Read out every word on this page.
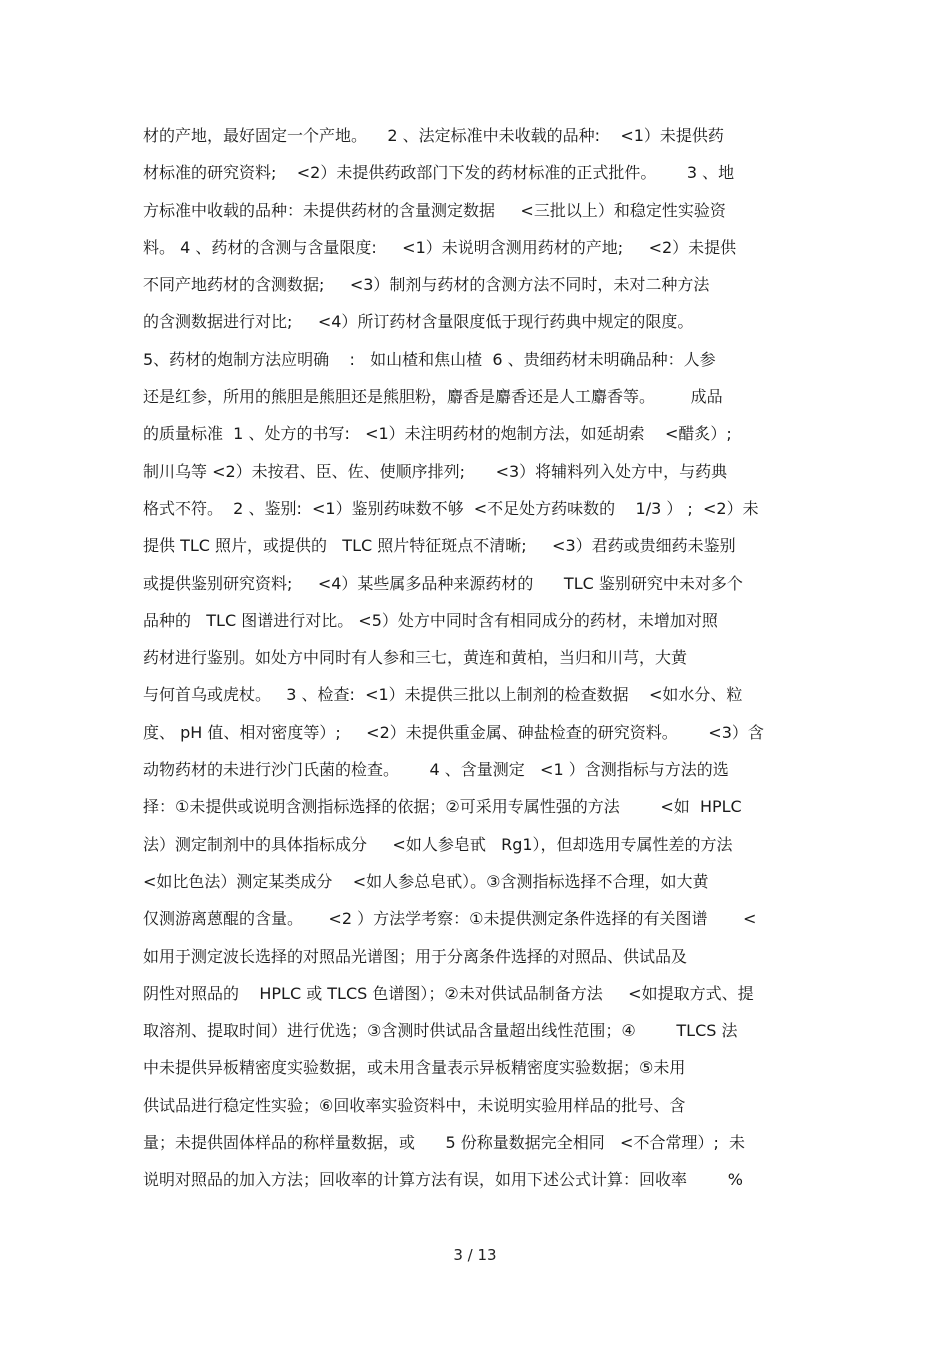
材的产地，最好固定一个产地。    2 、法定标准中未收载的品种:    <1）未提供药
材标准的研究资料;    <2）未提供药政部门下发的药材标准的正式批件。      3 、地
方标准中收载的品种：未提供药材的含量测定数据     <三批以上）和稳定性实验资
料。 4 、药材的含测与含量限度:     <1）未说明含测用药材的产地;     <2）未提供
不同产地药材的含测数据;     <3）制剂与药材的含测方法不同时，未对二种方法
的含测数据进行对比;     <4）所订药材含量限度低于现行药典中规定的限度。
5、药材的炮制方法应明确    :   如山楂和焦山楂  6 、贵细药材未明确品种：人参
还是红参，所用的熊胆是熊胆还是熊胆粉，麝香是麝香还是人工麝香等。       成品
的质量标准  1 、处方的书写:   <1）未注明药材的炮制方法，如延胡索    <醋炙）;
制川乌等 <2）未按君、臣、佐、使顺序排列;      <3）将辅料列入处方中，与药典
格式不符。  2 、鉴别:  <1）鉴别药味数不够  <不足处方药味数的    1/3 ） ;  <2）未
提供 TLC 照片，或提供的   TLC 照片特征斑点不清晰;     <3）君药或贵细药未鉴别
或提供鉴别研究资料;     <4）某些属多品种来源药材的      TLC 鉴别研究中未对多个
品种的   TLC 图谱进行对比。 <5）处方中同时含有相同成分的药材，未增加对照
药材进行鉴别。如处方中同时有人参和三七，黄连和黄柏，当归和川芎，大黄
与何首乌或虎杖。   3 、检查:  <1）未提供三批以上制剂的检查数据    <如水分、粒
度、 pH 值、相对密度等）;     <2）未提供重金属、砷盐检查的研究资料。      <3）含
动物药材的未进行沙门氏菌的检查。      4 、含量测定   <1 ）含测指标与方法的选
择：①未提供或说明含测指标选择的依据；②可采用专属性强的方法        <如  HPLC
法）测定制剂中的具体指标成分     <如人参皂甙   Rg1），但却选用专属性差的方法
<如比色法）测定某类成分    <如人参总皂甙）。③含测指标选择不合理，如大黄
仅测游离蒽醌的含量。     <2 ）方法学考察：①未提供测定条件选择的有关图谱       <
如用于测定波长选择的对照品光谱图；用于分离条件选择的对照品、供试品及
阴性对照品的    HPLC 或 TLCS 色谱图）；②未对供试品制备方法     <如提取方式、提
取溶剂、提取时间）进行优选；③含测时供试品含量超出线性范围；④        TLCS 法
中未提供异板精密度实验数据，或未用含量表示异板精密度实验数据；⑤未用
供试品进行稳定性实验；⑥回收率实验资料中，未说明实验用样品的批号、含
量；未提供固体样品的称样量数据，或      5 份称量数据完全相同   <不合常理）;  未
说明对照品的加入方法；回收率的计算方法有误，如用下述公式计算：回收率        %
3 / 13
